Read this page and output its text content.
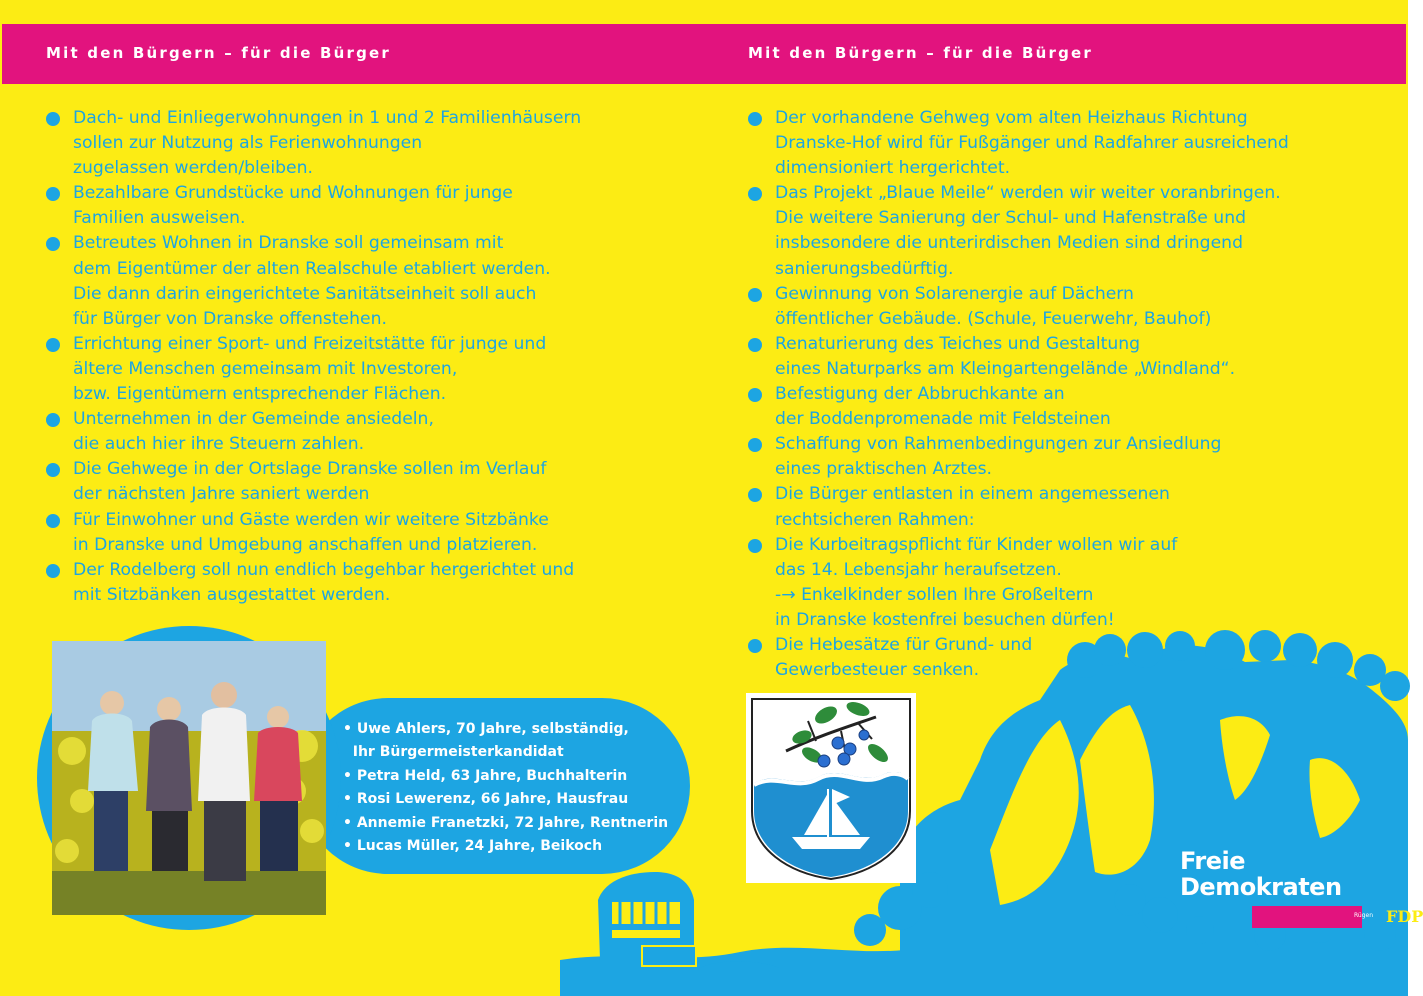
Mit den Bürgern – für die Bürger	Mit den Bürgern – für die Bürger
Dach- und Einliegerwohnungen in 1 und 2 Familienhäusern
sollen zur Nutzung als Ferienwohnungen
zugelassen werden/bleiben.
Bezahlbare Grundstücke und Wohnungen für junge
Familien ausweisen.
Betreutes Wohnen in Dranske soll gemeinsam mit
dem Eigentümer der alten Realschule etabliert werden.
Die dann darin eingerichtete Sanitätseinheit soll auch
für Bürger von Dranske offenstehen.
Errichtung einer Sport- und Freizeitstätte für junge und
ältere Menschen gemeinsam mit Investoren,
bzw. Eigentümern entsprechender Flächen.
Unternehmen in der Gemeinde ansiedeln,
die auch hier ihre Steuern zahlen.
Die Gehwege in der Ortslage Dranske sollen im Verlauf
der nächsten Jahre saniert werden
Für Einwohner und Gäste werden wir weitere Sitzbänke
in Dranske und Umgebung anschaffen und platzieren.
Der Rodelberg soll nun endlich begehbar hergerichtet und
mit Sitzbänken ausgestattet werden.
Der vorhandene Gehweg vom alten Heizhaus Richtung
Dranske-Hof wird für Fußgänger und Radfahrer ausreichend
dimensioniert hergerichtet.
Das Projekt „Blaue Meile“ werden wir weiter voranbringen.
Die weitere Sanierung der Schul- und Hafenstraße und
insbesondere die unterirdischen Medien sind dringend
sanierungsbedürftig.
Gewinnung von Solarenergie auf Dächern
öffentlicher Gebäude. (Schule, Feuerwehr, Bauhof)
Renaturierung des Teiches und Gestaltung
eines Naturparks am Kleingartengelände „Windland“.
Befestigung der Abbruchkante an
der Boddenpromenade mit Feldsteinen
Schaffung von Rahmenbedingungen zur Ansiedlung
eines praktischen Arztes.
Die Bürger entlasten in einem angemessenen
rechtsicheren Rahmen:
Die Kurbeitragspflicht für Kinder wollen wir auf
das 14. Lebensjahr heraufsetzen.
-→ Enkelkinder sollen Ihre Großeltern
in Dranske kostenfrei besuchen dürfen!
Die Hebesätze für Grund- und
Gewerbesteuer senken.
• Uwe Ahlers, 70 Jahre, selbständig,
Ihr Bürgermeisterkandidat
• Petra Held, 63 Jahre, Buchhalterin
• Rosi Lewerenz, 66 Jahre, Hausfrau
• Annemie Franetzki, 72 Jahre, Rentnerin
• Lucas Müller, 24 Jahre, Beikoch
Freie
Demokraten
Rügen FDP
